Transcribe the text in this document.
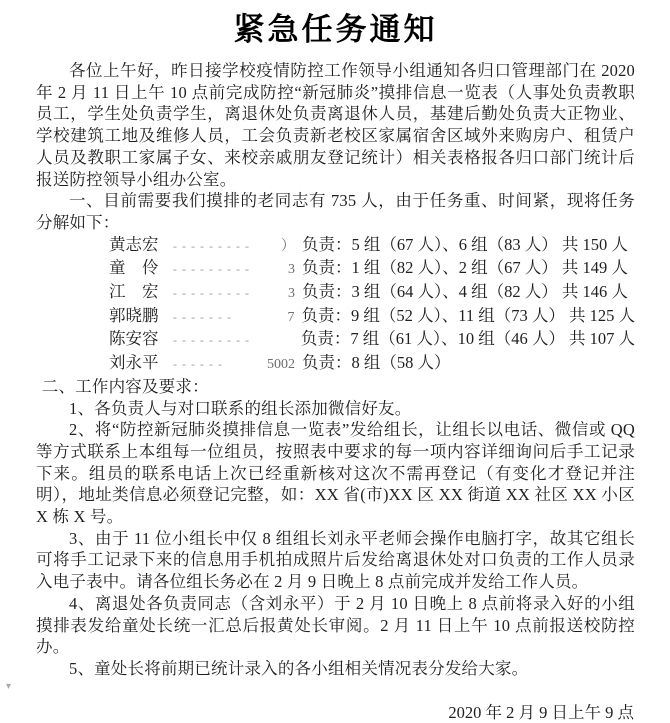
紧急任务通知

各位上午好，昨日接学校疫情防控工作领导小组通知各归口管理部门在 2020 年 2 月 11 日上午 10 点前完成防控“新冠肺炎”摸排信息一览表（人事处负责教职员工，学生处负责学生，离退休处负责离退休人员，基建后勤处负责大正物业、学校建筑工地及维修人员，工会负责新老校区家属宿舍区域外来购房户、租赁户人员及教职工家属子女、来校亲戚朋友登记统计）相关表格报各归口部门统计后报送防控领导小组办公室。

一、目前需要我们摸排的老同志有 735 人，由于任务重、时间紧，现将任务分解如下：

黄志宏	- - - - - - - - - ） 负责：5 组（67 人）、6 组（83 人） 共 150 人
童　伶	- - - - - - - - -	3 负责：1 组（82 人）、2 组（67 人） 共 149 人
江　宏	- - - - - - - - -	3 负责：3 组（64 人）、4 组（82 人） 共 146 人
郭晓鹏	- - - - - - -	7 负责：9 组（52 人）、11 组（73 人） 共 125 人
陈安容	- - - - - - - - -	负责：7 组（61 人）、10 组（46 人） 共 107 人
刘永平	- - - - - -	5002 负责：8 组（58 人）

二、工作内容及要求：

1、各负责人与对口联系的组长添加微信好友。

2、将“防控新冠肺炎摸排信息一览表”发给组长，让组长以电话、微信或 QQ 等方式联系上本组每一位组员，按照表中要求的每一项内容详细询问后手工记录下来。组员的联系电话上次已经重新核对这次不需再登记（有变化才登记并注明），地址类信息必须登记完整，如：XX 省(市)XX 区 XX 街道 XX 社区 XX 小区 X 栋 X 号。

3、由于 11 位小组长中仅 8 组组长刘永平老师会操作电脑打字，故其它组长可将手工记录下来的信息用手机拍成照片后发给离退休处对口负责的工作人员录入电子表中。请各位组长务必在 2 月 9 日晚上 8 点前完成并发给工作人员。

4、离退处各负责同志（含刘永平）于 2 月 10 日晚上 8 点前将录入好的小组摸排表发给童处长统一汇总后报黄处长审阅。2 月 11 日上午 10 点前报送校防控办。

5、童处长将前期已统计录入的各小组相关情况表分发给大家。

2020 年 2 月 9 日上午 9 点
▾
